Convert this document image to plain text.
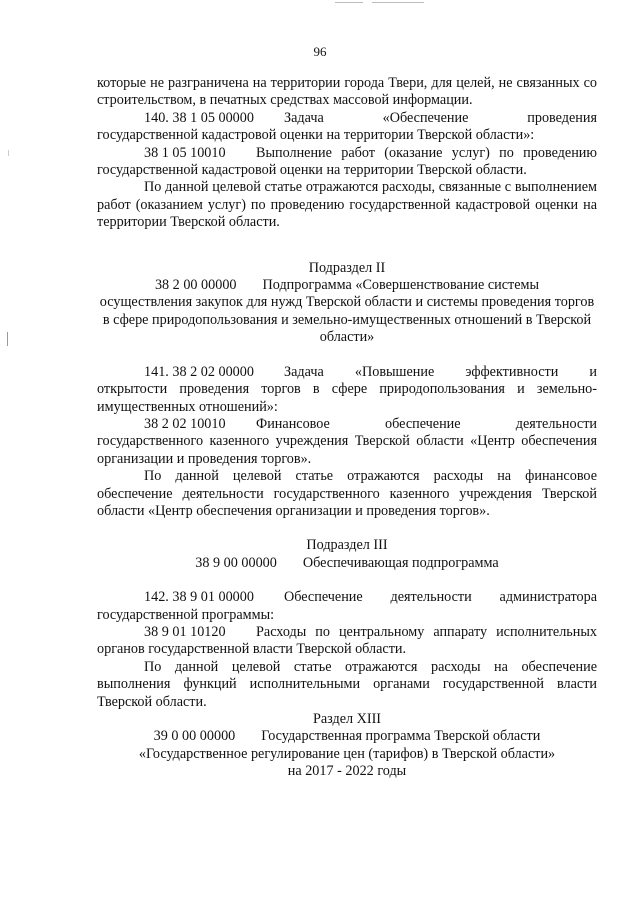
96

которые не разграничена на территории города Твери, для целей, не связанных со строительством, в печатных средствах массовой информации.

140. 38 1 05 00000	Задача	«Обеспечение	проведения

государственной кадастровой оценки на территории Тверской области»:

38 1 05 10010	Выполнение работ (оказание услуг) по проведению

государственной кадастровой оценки на территории Тверской области.

По данной целевой статье отражаются расходы, связанные с выполнением работ (оказанием услуг) по проведению государственной кадастровой оценки на территории Тверской области.

Подраздел II

38 2 00 00000 Подпрограмма «Совершенствование системы

осуществления закупок для нужд Тверской области и системы проведения торгов в сфере природопользования и земельно-имущественных отношений в Тверской области»

141. 38 2 02 00000	Задача «Повышение эффективности и

открытости проведения торгов в сфере природопользования и земельно-имущественных отношений»:

38 2 02 10010	Финансовое	обеспечение	деятельности

государственного казенного учреждения Тверской области «Центр обеспечения организации и проведения торгов».

По данной целевой статье отражаются расходы на финансовое обеспечение деятельности государственного казенного учреждения Тверской области «Центр обеспечения организации и проведения торгов».

Подраздел III

38 9 00 00000 Обеспечивающая подпрограмма
142. 38 9 01 00000	Обеспечение деятельности администратора

государственной программы:

38 9 01 10120	Расходы по центральному аппарату исполнительных

органов государственной власти Тверской области.

По данной целевой статье отражаются расходы на обеспечение выполнения функций исполнительными органами государственной власти Тверской области.

Раздел XIII

39 0 00 00000 Государственная программа Тверской области

«Государственное регулирование цен (тарифов) в Тверской области»

на 2017 - 2022 годы
